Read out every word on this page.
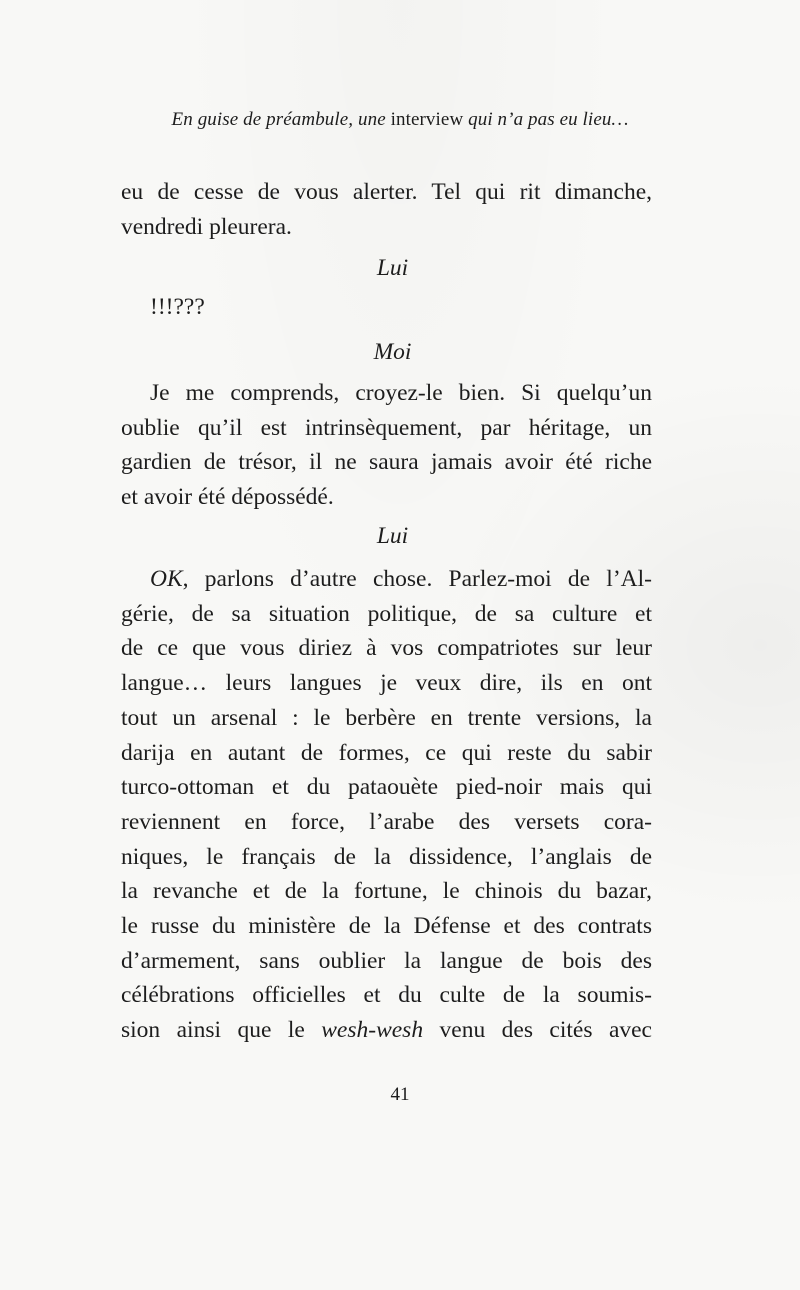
En guise de préambule, une interview qui n’a pas eu lieu…

eu de cesse de vous alerter. Tel qui rit dimanche,

vendredi pleurera.

Lui

!!!???

Moi

Je me comprends, croyez-le bien. Si quelqu’un

oublie qu’il est intrinsèquement, par héritage, un

gardien de trésor, il ne saura jamais avoir été riche

et avoir été dépossédé.

Lui

OK, parlons d’autre chose. Parlez-moi de l’Al-

gérie, de sa situation politique, de sa culture et

de ce que vous diriez à vos compatriotes sur leur

langue… leurs langues je veux dire, ils en ont

tout un arsenal : le berbère en trente versions, la

darija en autant de formes, ce qui reste du sabir

turco-ottoman et du pataouète pied-noir mais qui

reviennent en force, l’arabe des versets cora-

niques, le français de la dissidence, l’anglais de

la revanche et de la fortune, le chinois du bazar,

le russe du ministère de la Défense et des contrats

d’armement, sans oublier la langue de bois des

célébrations officielles et du culte de la soumis-

sion ainsi que le wesh-wesh venu des cités avec

41
